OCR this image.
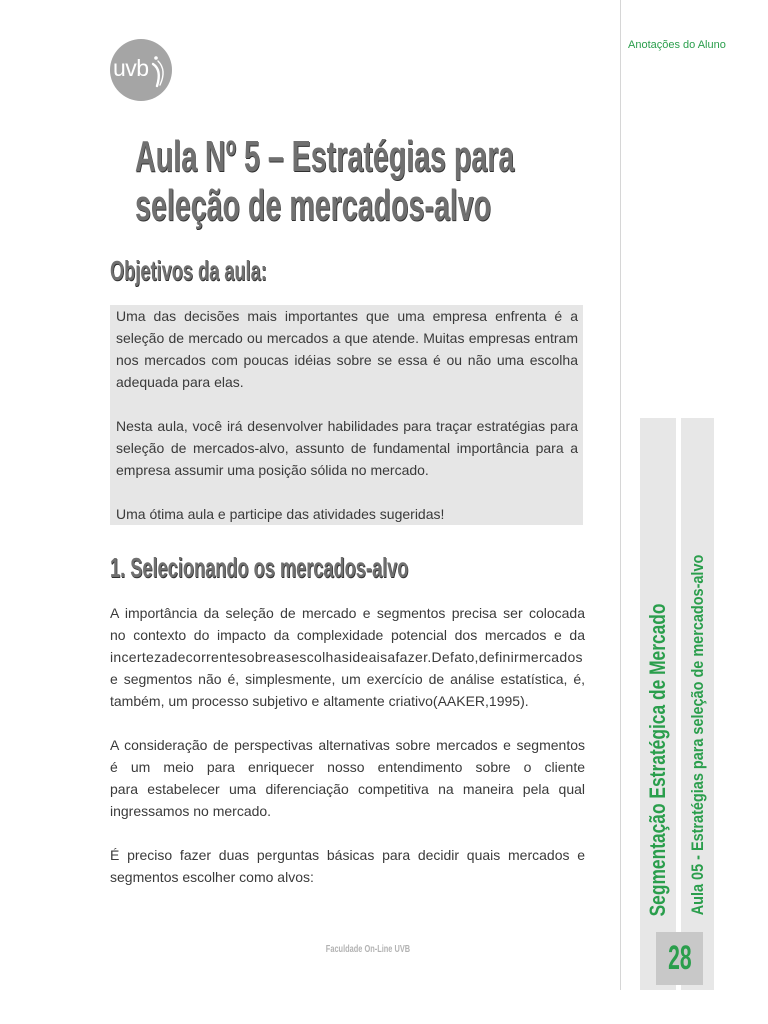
uvb
Anotações do Aluno
Segmentação Estratégica de Mercado	Aula 05 - Estratégias para seleção de mercados-alvo
28
Aula Nº 5 – Estratégias para
seleção de mercados-alvo
Objetivos da aula:
Uma das decisões mais importantes que uma empresa enfrenta é a
seleção de mercado ou mercados a que atende. Muitas empresas entram
nos mercados com poucas idéias sobre se essa é ou não uma escolha
adequada para elas.
Nesta aula, você irá desenvolver habilidades para traçar estratégias para
seleção de mercados-alvo, assunto de fundamental importância para a
empresa assumir uma posição sólida no mercado.
Uma ótima aula e participe das atividades sugeridas!
1. Selecionando os mercados-alvo
A importância da seleção de mercado e segmentos precisa ser colocada
no contexto do impacto da complexidade potencial dos mercados e da
incertezadecorrentesobreasescolhasideaisafazer.Defato,definirmercados
e segmentos não é, simplesmente, um exercício de análise estatística, é,
também, um processo subjetivo e altamente criativo(AAKER,1995).
A consideração de perspectivas alternativas sobre mercados e segmentos
é um meio para enriquecer nosso entendimento sobre o cliente
para estabelecer uma diferenciação competitiva na maneira pela qual
ingressamos no mercado.
É preciso fazer duas perguntas básicas para decidir quais mercados e
segmentos escolher como alvos:
Faculdade On-Line UVB
